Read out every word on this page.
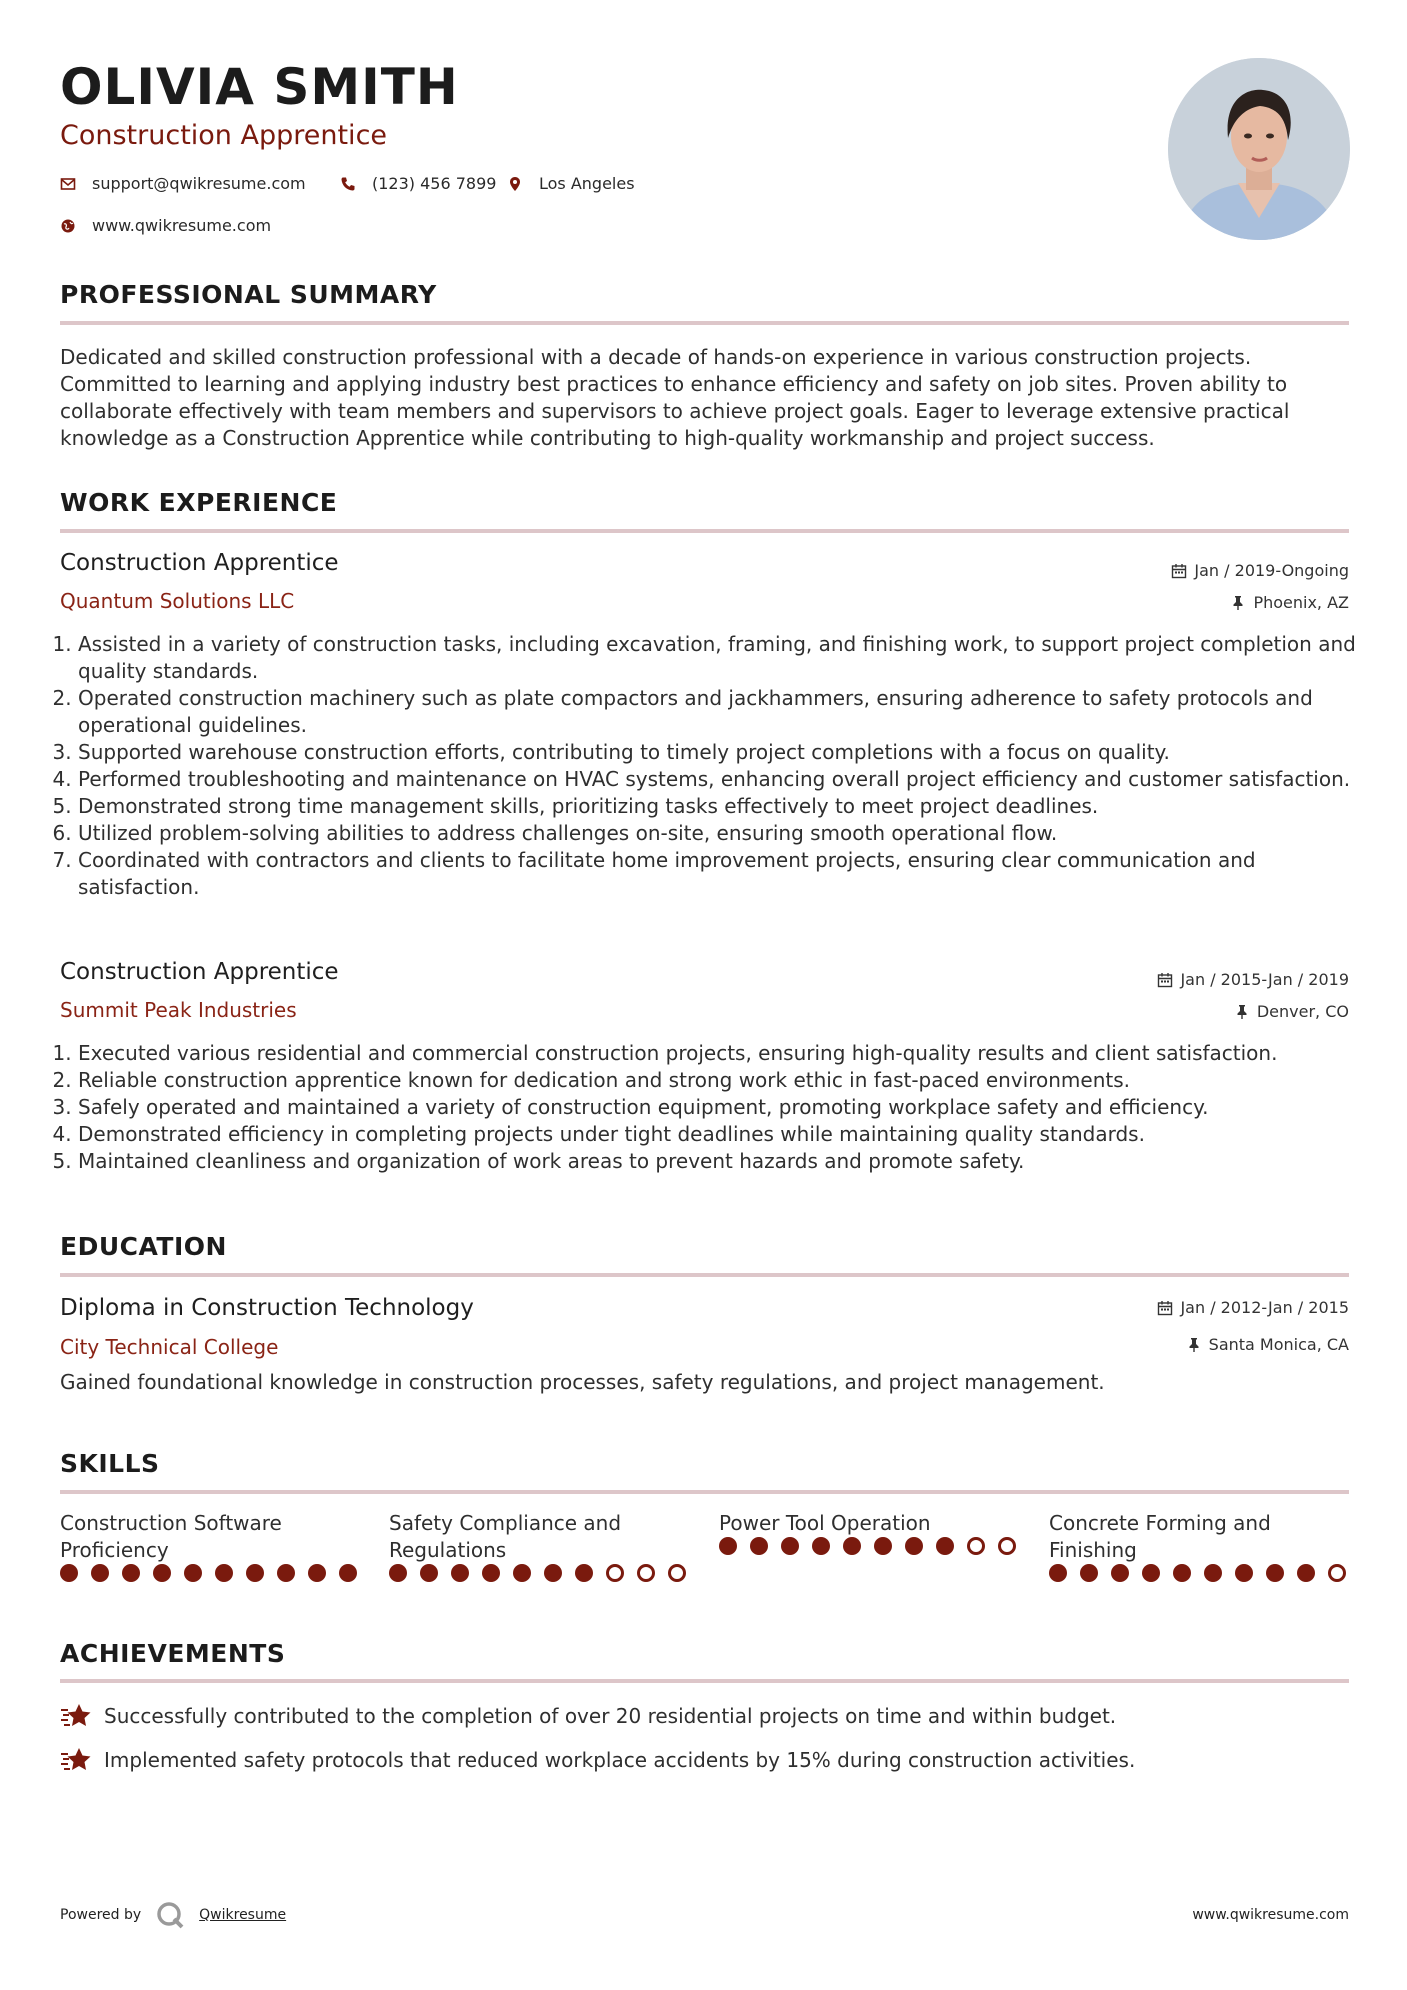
OLIVIA SMITH
Construction Apprentice
support@qwikresume.com	(123) 456 7899	Los Angeles
www.qwikresume.com
PROFESSIONAL SUMMARY
Dedicated and skilled construction professional with a decade of hands-on experience in various construction projects. Committed to learning and applying industry best practices to enhance efficiency and safety on job sites. Proven ability to collaborate effectively with team members and supervisors to achieve project goals. Eager to leverage extensive practical knowledge as a Construction Apprentice while contributing to high-quality workmanship and project success.
WORK EXPERIENCE
Construction Apprentice
Quantum Solutions LLC
Jan / 2019-Ongoing
Phoenix, AZ
1. Assisted in a variety of construction tasks, including excavation, framing, and finishing work, to support project completion and quality standards.
2. Operated construction machinery such as plate compactors and jackhammers, ensuring adherence to safety protocols and operational guidelines.
3. Supported warehouse construction efforts, contributing to timely project completions with a focus on quality.
4. Performed troubleshooting and maintenance on HVAC systems, enhancing overall project efficiency and customer satisfaction.
5. Demonstrated strong time management skills, prioritizing tasks effectively to meet project deadlines.
6. Utilized problem-solving abilities to address challenges on-site, ensuring smooth operational flow.
7. Coordinated with contractors and clients to facilitate home improvement projects, ensuring clear communication and satisfaction.
Construction Apprentice
Summit Peak Industries
Jan / 2015-Jan / 2019
Denver, CO
1. Executed various residential and commercial construction projects, ensuring high-quality results and client satisfaction.
2. Reliable construction apprentice known for dedication and strong work ethic in fast-paced environments.
3. Safely operated and maintained a variety of construction equipment, promoting workplace safety and efficiency.
4. Demonstrated efficiency in completing projects under tight deadlines while maintaining quality standards.
5. Maintained cleanliness and organization of work areas to prevent hazards and promote safety.
EDUCATION
Diploma in Construction Technology
City Technical College
Jan / 2012-Jan / 2015
Santa Monica, CA
Gained foundational knowledge in construction processes, safety regulations, and project management.
SKILLS
Construction Software Proficiency
Safety Compliance and Regulations
Power Tool Operation	Concrete Forming and Finishing
ACHIEVEMENTS
Successfully contributed to the completion of over 20 residential projects on time and within budget.
Implemented safety protocols that reduced workplace accidents by 15% during construction activities.
Powered by	Qwikresume	www.qwikresume.com
